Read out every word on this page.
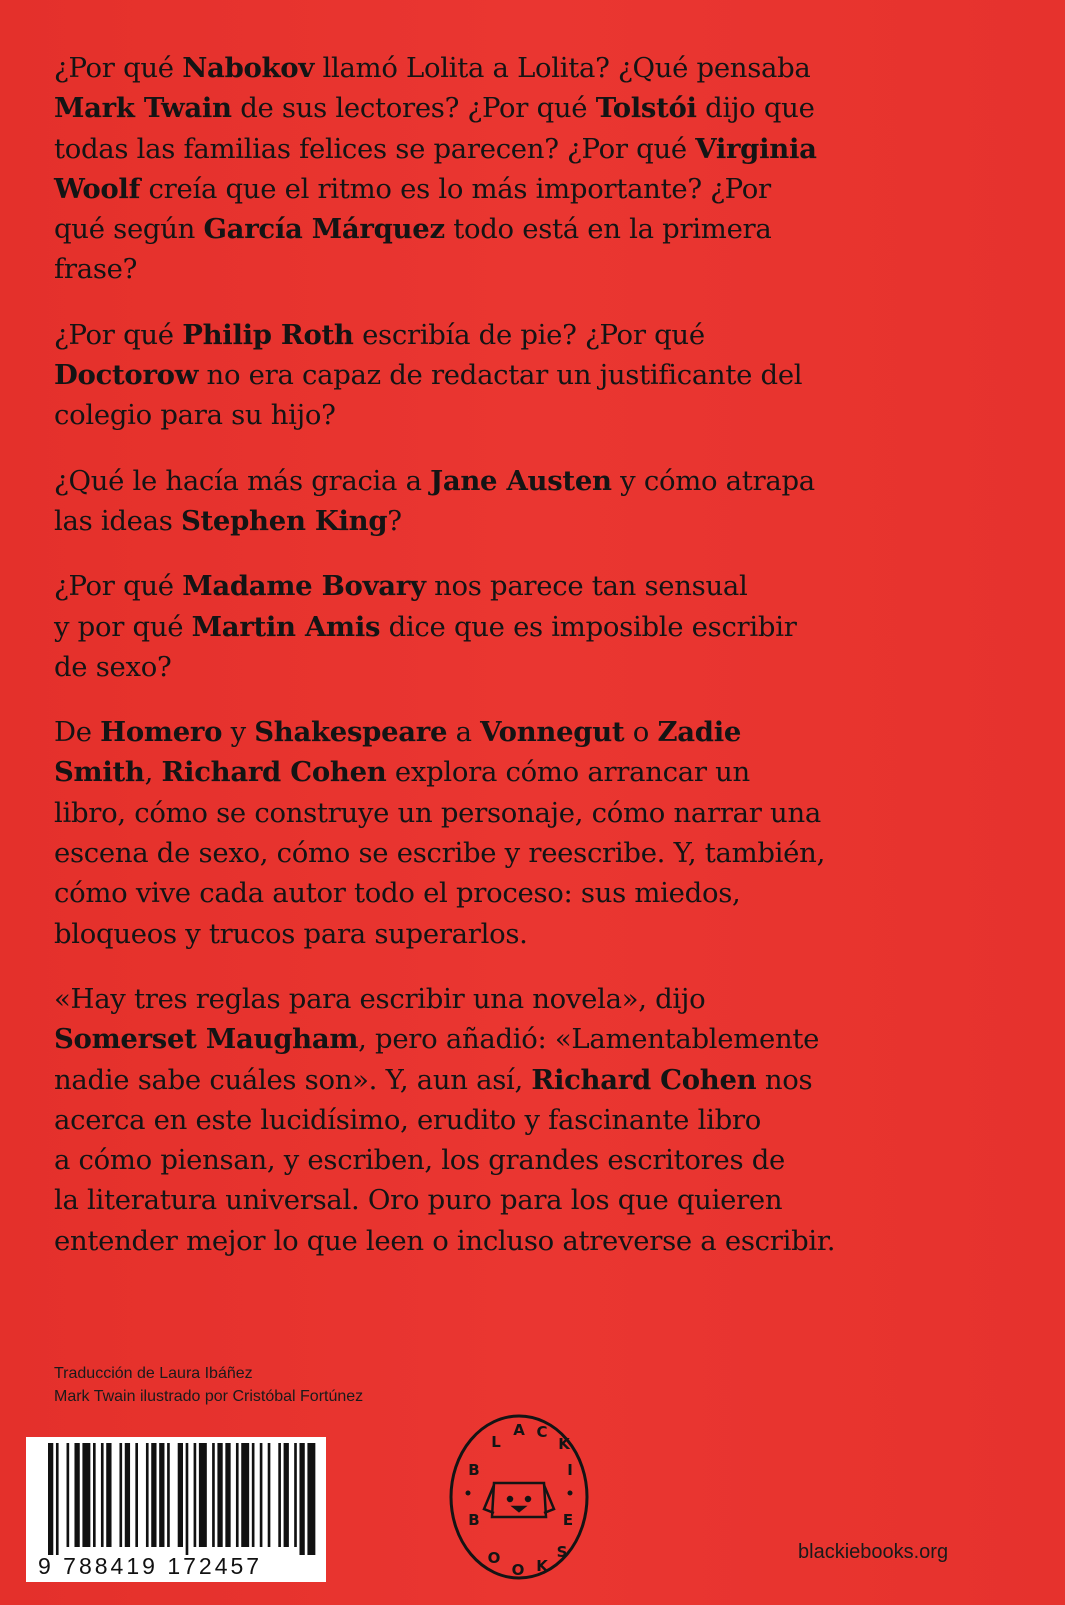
¿Por qué Nabokov llamó Lolita a Lolita? ¿Qué pensaba
Mark Twain de sus lectores? ¿Por qué Tolstói dijo que
todas las familias felices se parecen? ¿Por qué Virginia
Woolf creía que el ritmo es lo más importante? ¿Por
qué según García Márquez todo está en la primera
frase?

¿Por qué Philip Roth escribía de pie? ¿Por qué
Doctorow no era capaz de redactar un justificante del
colegio para su hijo?

¿Qué le hacía más gracia a Jane Austen y cómo atrapa
las ideas Stephen King?

¿Por qué Madame Bovary nos parece tan sensual
y por qué Martin Amis dice que es imposible escribir
de sexo?

De Homero y Shakespeare a Vonnegut o Zadie
Smith, Richard Cohen explora cómo arrancar un
libro, cómo se construye un personaje, cómo narrar una
escena de sexo, cómo se escribe y reescribe. Y, también,
cómo vive cada autor todo el proceso: sus miedos,
bloqueos y trucos para superarlos.

«Hay tres reglas para escribir una novela», dijo
Somerset Maugham, pero añadió: «Lamentablemente
nadie sabe cuáles son». Y, aun así, Richard Cohen nos
acerca en este lucidísimo, erudito y fascinante libro
a cómo piensan, y escriben, los grandes escritores de
la literatura universal. Oro puro para los que quieren
entender mejor lo que leen o incluso atreverse a escribir.

Traducción de Laura Ibáñez
Mark Twain ilustrado por Cristóbal Fortúnez
9 788419 172457
B
L
A C
K
I
E
B
O
O K
S	blackiebooks.org
